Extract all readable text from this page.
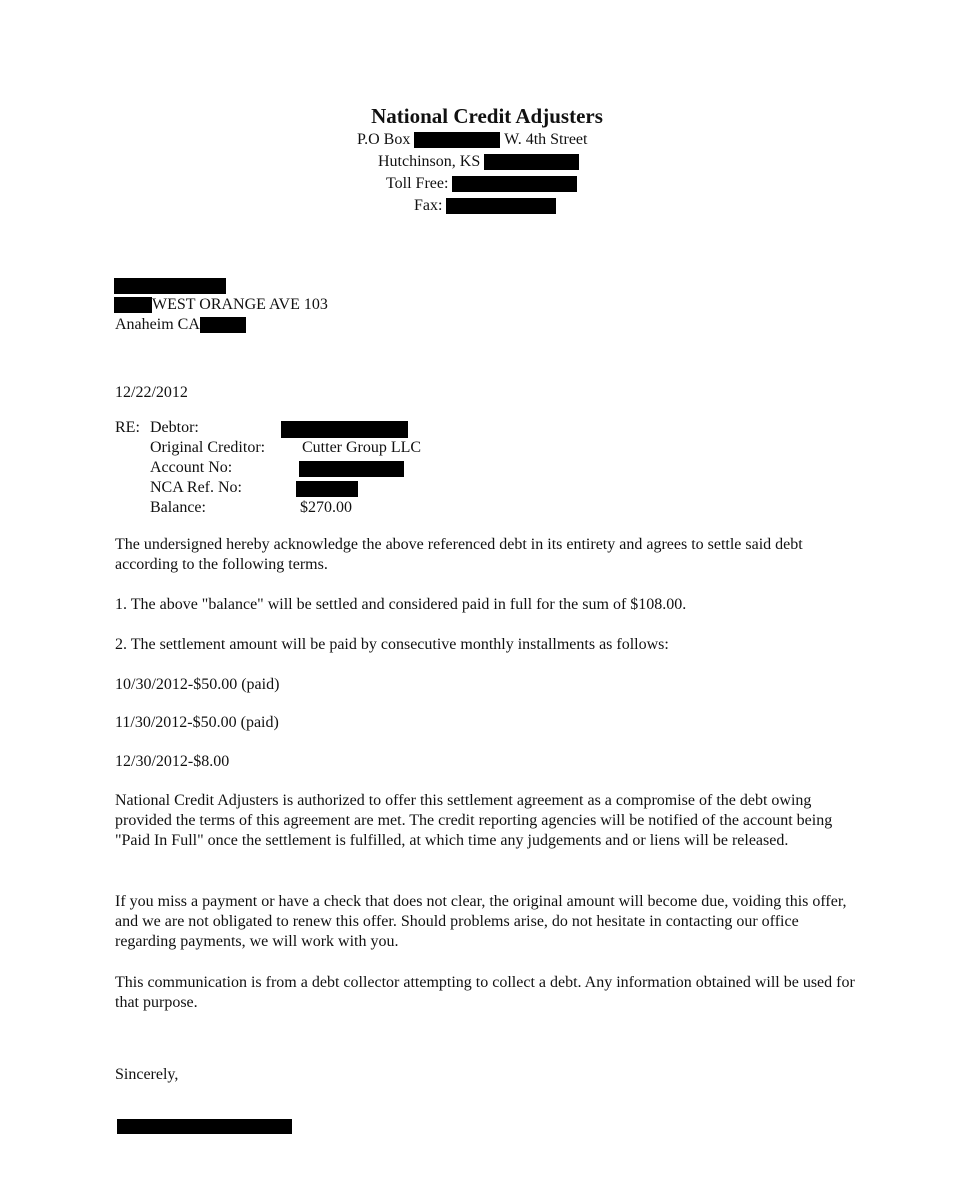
National Credit Adjusters
P.O Box	W. 4th Street
Hutchinson, KS
Toll Free:
Fax:
WEST ORANGE AVE 103
Anaheim CA
12/22/2012
RE: Debtor:
Original Creditor: Cutter Group LLC
Account No:
NCA Ref. No:
Balance:	$270.00
The undersigned hereby acknowledge the above referenced debt in its entirety and agrees to settle said debt according to the following terms.
1. The above "balance" will be settled and considered paid in full for the sum of $108.00.
2. The settlement amount will be paid by consecutive monthly installments as follows:
10/30/2012-$50.00 (paid)
11/30/2012-$50.00 (paid)
12/30/2012-$8.00
National Credit Adjusters is authorized to offer this settlement agreement as a compromise of the debt owing provided the terms of this agreement are met. The credit reporting agencies will be notified of the account being "Paid In Full" once the settlement is fulfilled, at which time any judgements and or liens will be released.
If you miss a payment or have a check that does not clear, the original amount will become due, voiding this offer, and we are not obligated to renew this offer. Should problems arise, do not hesitate in contacting our office regarding payments, we will work with you.
This communication is from a debt collector attempting to collect a debt. Any information obtained will be used for that purpose.
Sincerely,
